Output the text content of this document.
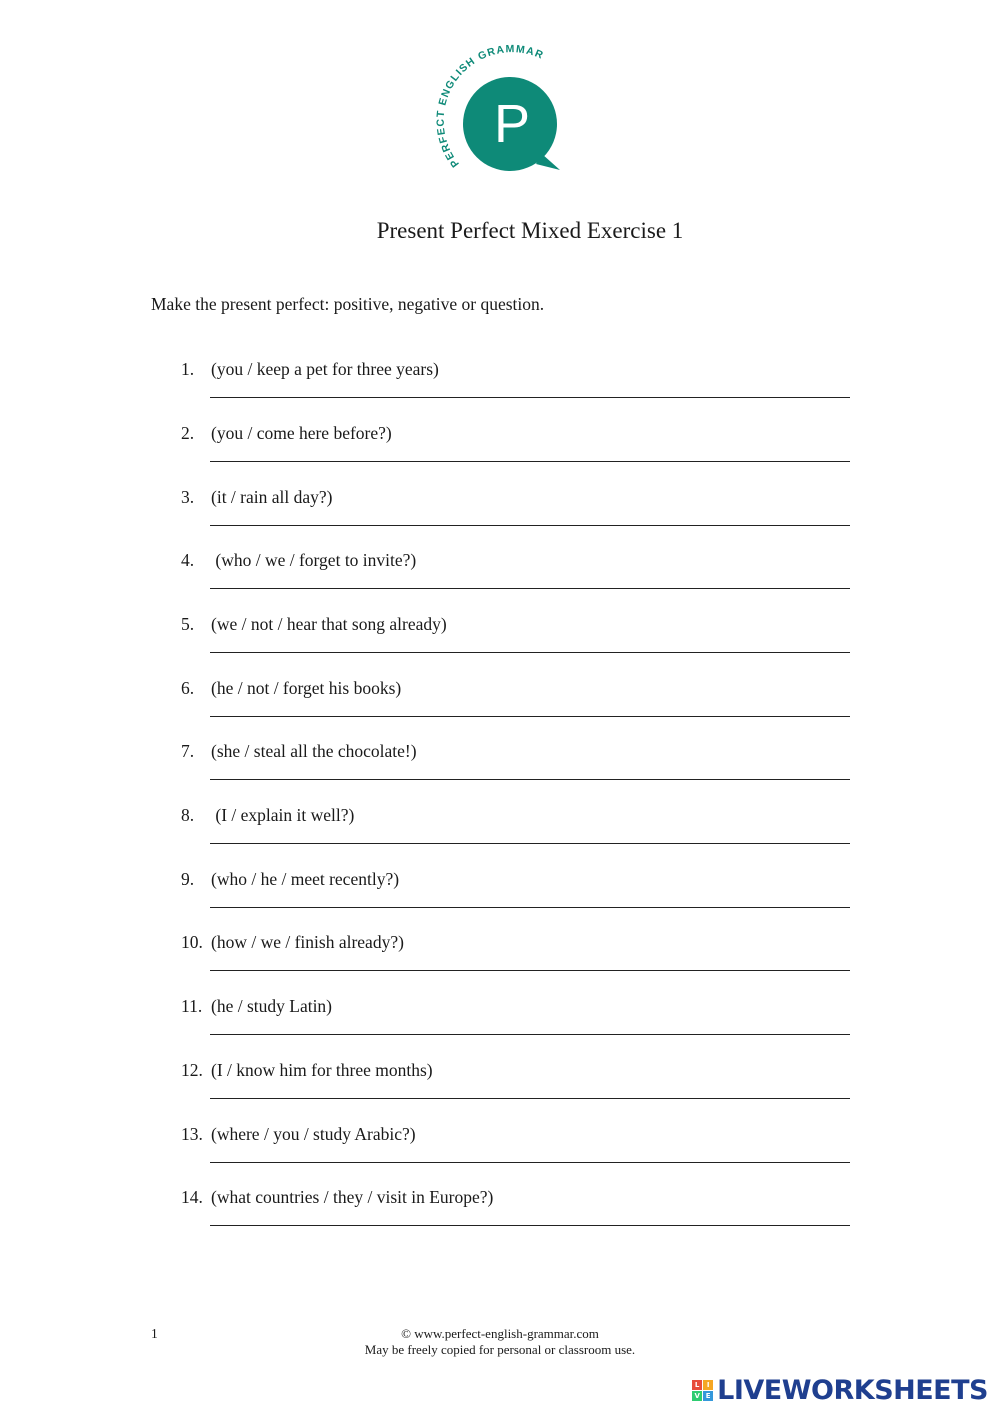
PERFECT ENGLISH GRAMMAR
P
Present Perfect Mixed Exercise 1
Make the present perfect: positive, negative or question.
1. (you / keep a pet for three years)
2. (you / come here before?)
3. (it / rain all day?)
4. (who / we / forget to invite?)
5. (we / not / hear that song already)
6. (he / not / forget his books)
7. (she / steal all the chocolate!)
8. (I / explain it well?)
9. (who / he / meet recently?)
10. (how / we / finish already?)
11. (he / study Latin)
12. (I / know him for three months)
13. (where / you / study Arabic?)
14. (what countries / they / visit in Europe?)
1	© www.perfect-english-grammar.com
May be freely copied for personal or classroom use.
L	I
V E LIVEWORKSHEETS
